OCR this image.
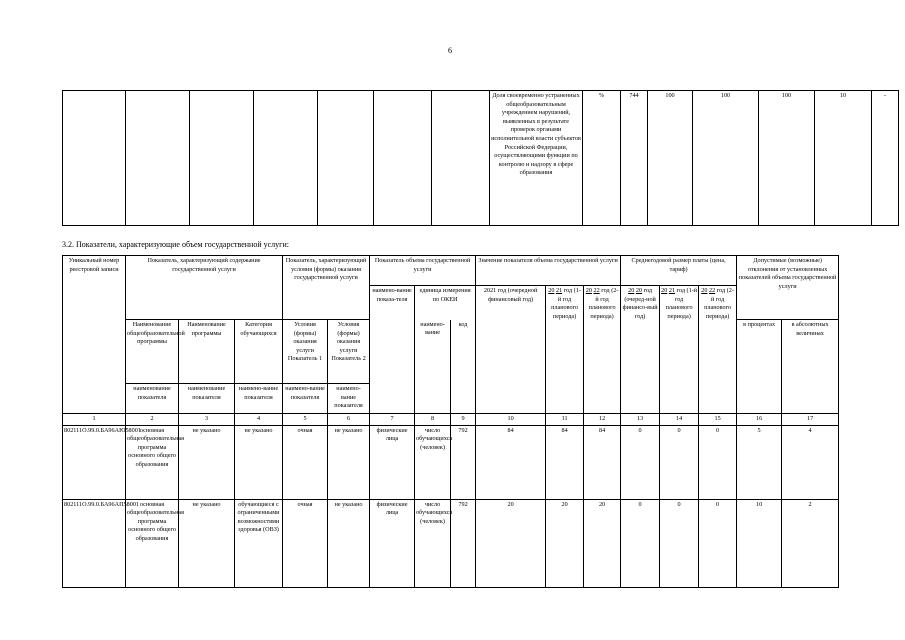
6
							Доля своевременно устраненных общеобразовательным учреждением нарушений, выявленных в результате проверок органами исполнительной власти субъектов Российской Федерации, осуществляющими функции по контролю и надзору в сфере образования	%	744	100	100	100	10	-
3.2. Показатели, характеризующие объем государственной услуги:
Уникальный номер реестровой записи	Показатель, характеризующий содержание государственной услуги			Показатель, характеризующий условия (формы) оказания государственной услуги		Показатель объема государственной услуги			Значение показателя объема государственной услуги			Среднегодовой размер платы (цена, тариф)			Допустимые (возможные) отклонения от установленных показателей объема государственной услуги	
						наимено-вание показа-теля	единица измерения по ОКЕИ		2021 год (очередной финансовый год)	20 21 год (1-й год планового периода)	20 22 год (2-й год планового периода)	20 20 год (очеред-ной финансо-вый год)	20 21 год (1-й год планового периода)	20 22 год (2-й год планового периода)		
	Наименование общеобразовательной программы	Наименование программы	Категория обучающихся	Условия (формы) оказания услуги Показатель 1	Условия (формы) оказания услуги Показатель 2		наимено-вание	код							в процентах	в абсолютных величинах
	наименование показателя	наименование показателя	наимено-вание показателя	наимено-вание показателя	наимено-вание показателя											
1	2	3	4	5	6	7	8	9	10	11	12	13	14	15	16	17
802111О.99.0.БА96АЮ58001	основная общеобразовательная программа основного общего образования	не указано	не указано	очная	не указано	физические лица	число обучающихся (человек)	792	84	84	84	0	0	0	5	4
802111О.99.0.БА96АП58001	основная общеобразовательная программа основного общего образования	не указано	обучающиеся с ограниченными возможностями здоровья (ОВЗ)	очная	не указано	физические лица	число обучающихся (человек)	792	20	20	20	0	0	0	10	2
